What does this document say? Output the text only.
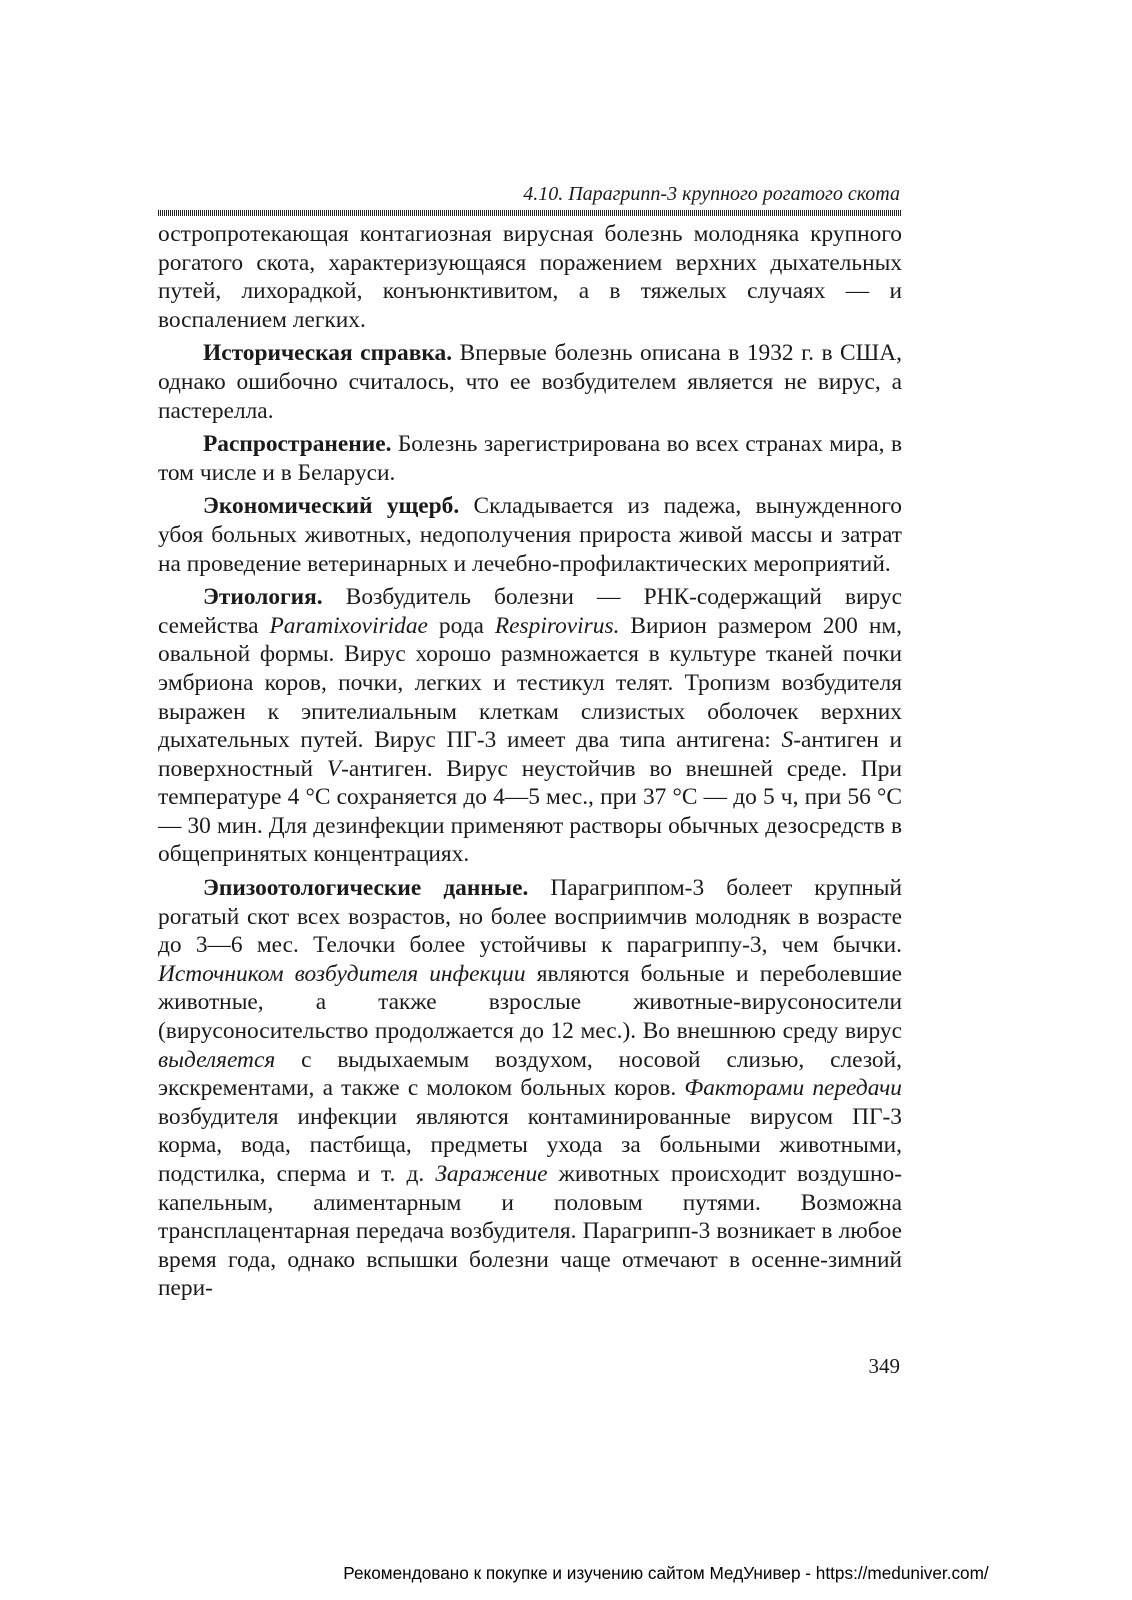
4.10. Парагрипп-3 крупного рогатого скота

остропротекающая контагиозная вирусная болезнь молодняка крупного рогатого скота, характеризующаяся поражением верхних дыхательных путей, лихорадкой, конъюнктивитом, а в тяжелых случаях — и воспалением легких.

Историческая справка. Впервые болезнь описана в 1932 г. в США, однако ошибочно считалось, что ее возбудителем является не вирус, а пастерелла.

Распространение. Болезнь зарегистрирована во всех странах мира, в том числе и в Беларуси.

Экономический ущерб. Складывается из падежа, вынужденного убоя больных животных, недополучения прироста живой массы и затрат на проведение ветеринарных и лечебно-профилактических мероприятий.

Этиология. Возбудитель болезни — РНК-содержащий вирус семейства Paramixoviridae рода Respirovirus. Вирион размером 200 нм, овальной формы. Вирус хорошо размножается в культуре тканей почки эмбриона коров, почки, легких и тестикул телят. Тропизм возбудителя выражен к эпителиальным клеткам слизистых оболочек верхних дыхательных путей. Вирус ПГ-3 имеет два типа антигена: S-антиген и поверхностный V-антиген. Вирус неустойчив во внешней среде. При температуре 4 °С сохраняется до 4—5 мес., при 37 °С — до 5 ч, при 56 °С — 30 мин. Для дезинфекции применяют растворы обычных дезосредств в общепринятых концентрациях.

Эпизоотологические данные. Парагриппом-3 болеет крупный рогатый скот всех возрастов, но более восприимчив молодняк в возрасте до 3—6 мес. Телочки более устойчивы к парагриппу-3, чем бычки. Источником возбудителя инфекции являются больные и переболевшие животные, а также взрослые животные-вирусоносители (вирусоносительство продолжается до 12 мес.). Во внешнюю среду вирус выделяется с выдыхаемым воздухом, носовой слизью, слезой, экскрементами, а также с молоком больных коров. Факторами передачи возбудителя инфекции являются контаминированные вирусом ПГ-3 корма, вода, пастбища, предметы ухода за больными животными, подстилка, сперма и т. д. Заражение животных происходит воздушно-капельным, алиментарным и половым путями. Возможна трансплацентарная передача возбудителя. Парагрипп-3 возникает в любое время года, однако вспышки болезни чаще отмечают в осенне-зимний пери-

349
Рекомендовано к покупке и изучению сайтом МедУнивер - https://meduniver.com/
